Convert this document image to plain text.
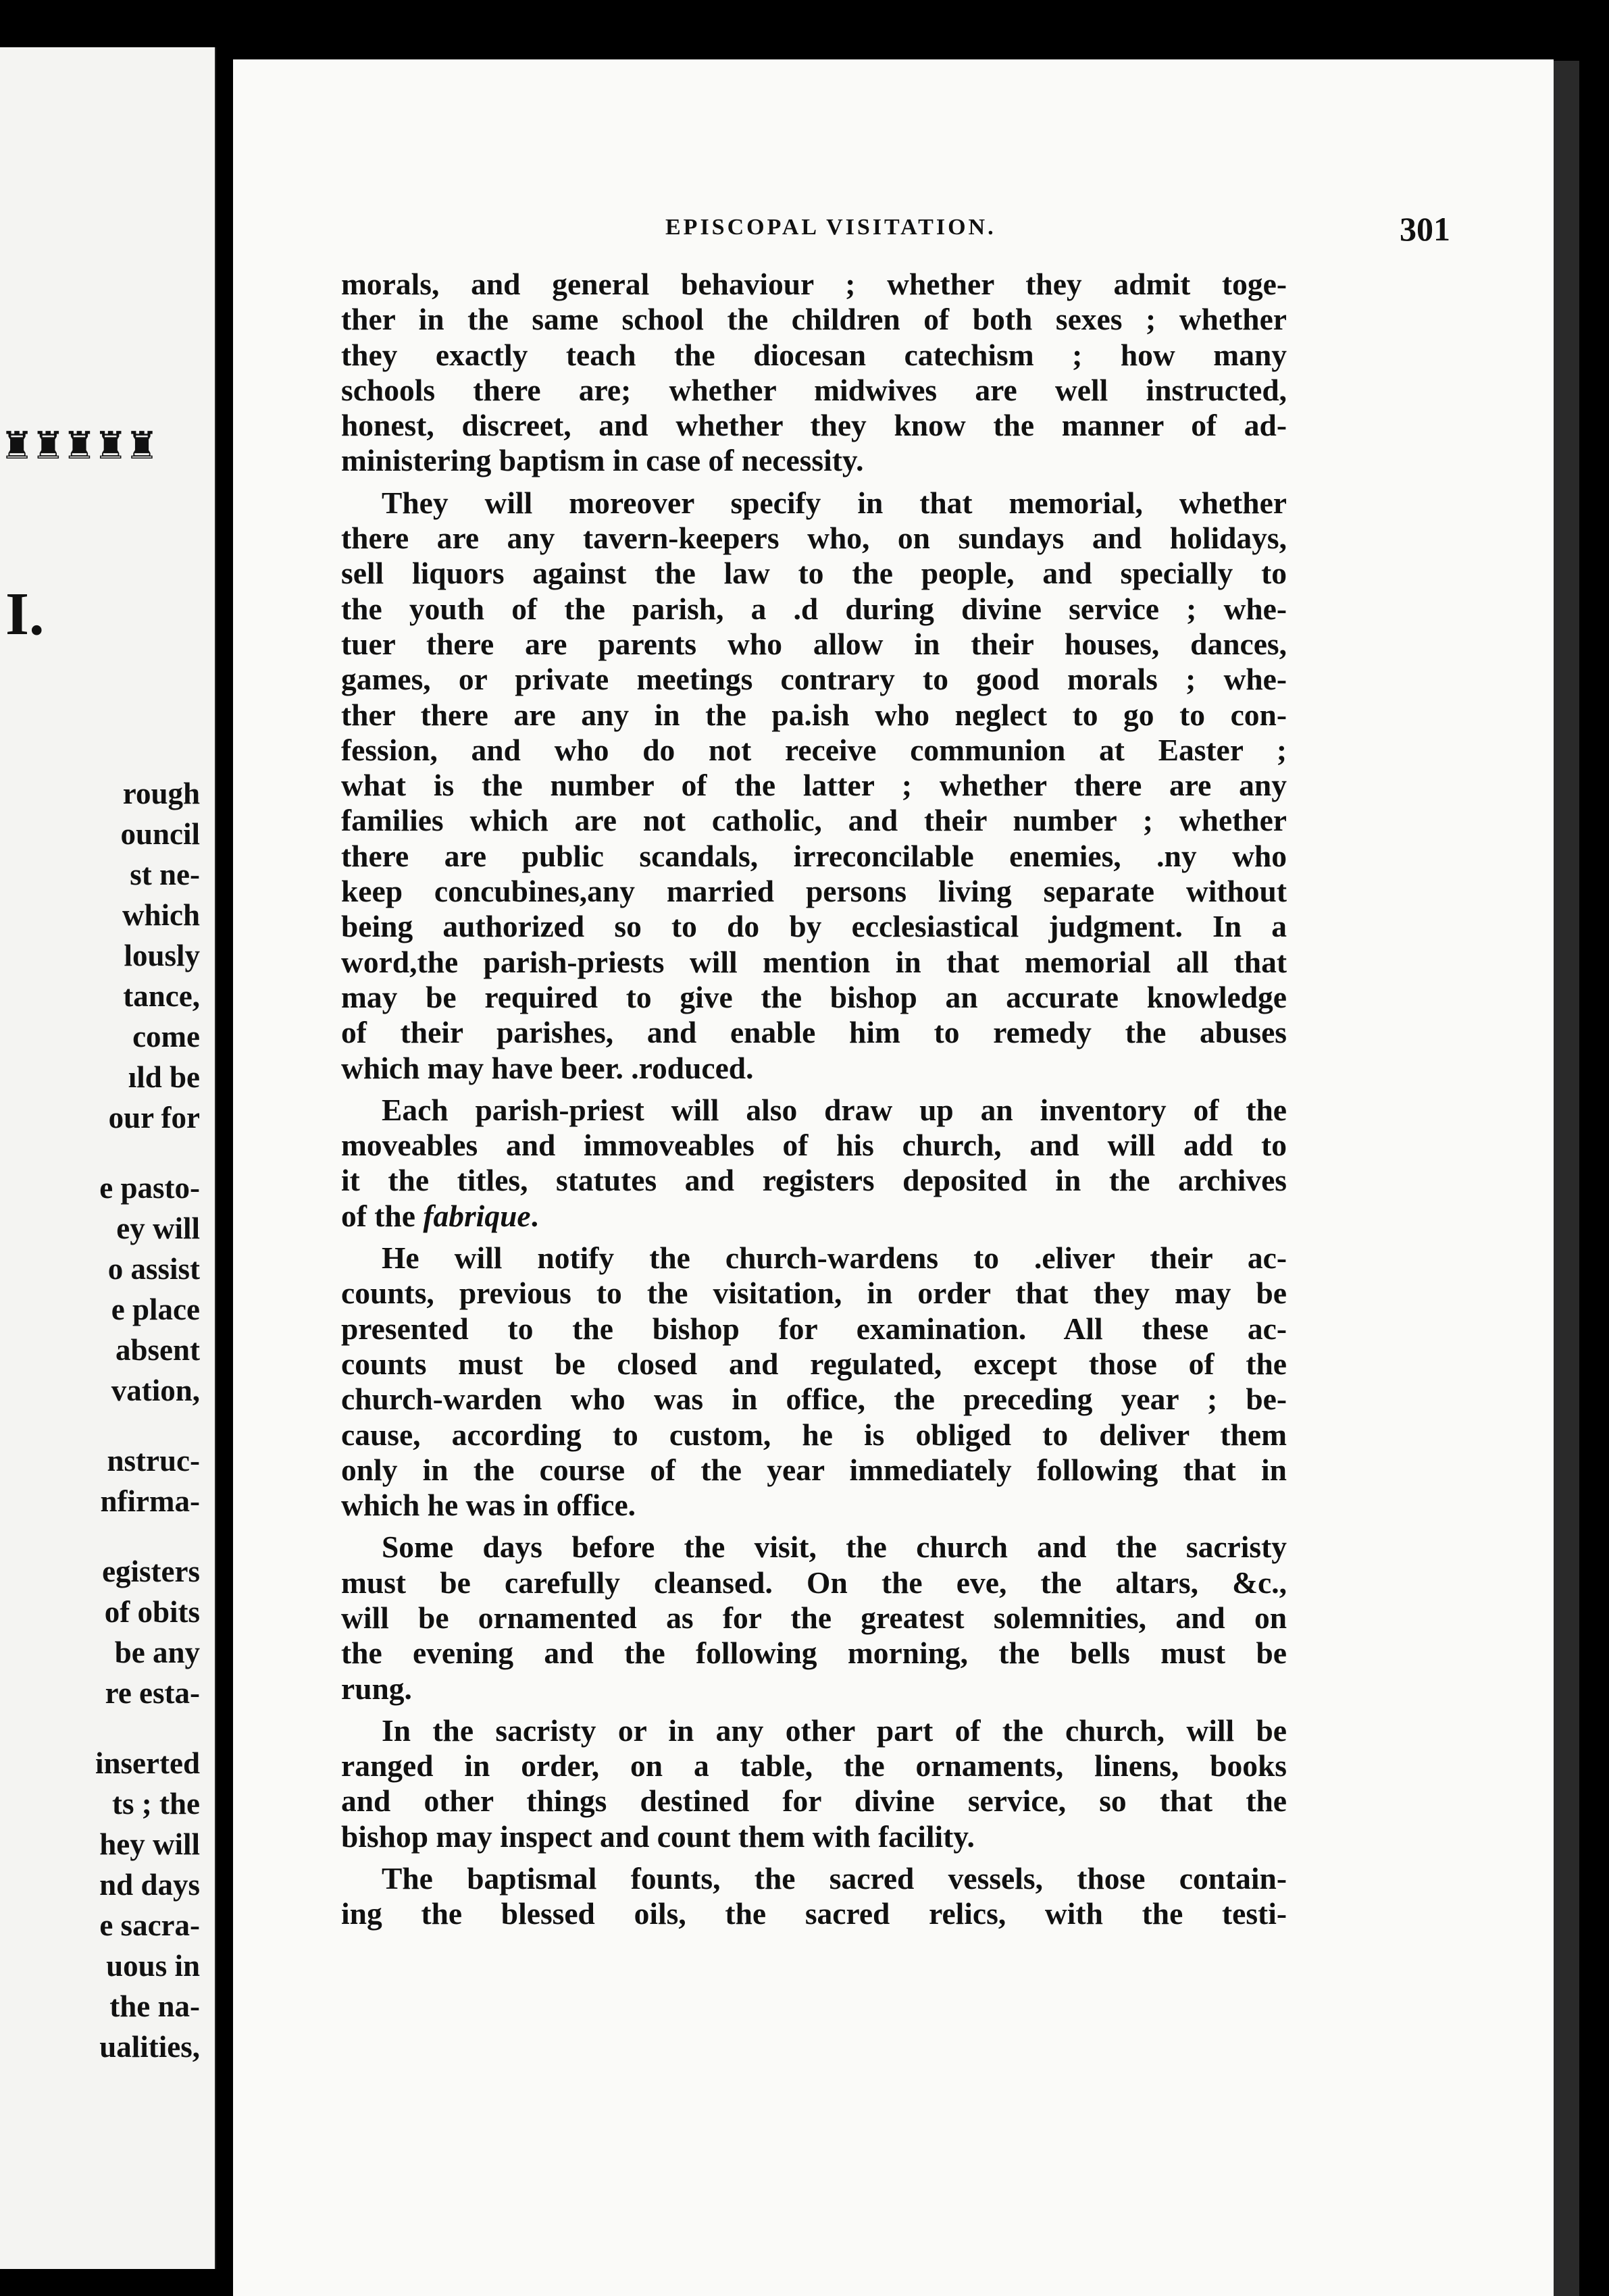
♜♜♜♜♜
I.
rough
ouncil
st ne-
which
lously
tance,
come
ıld be
our for
e pasto-
ey will
o assist
e place
absent
vation,
nstruc-
nfirma-
egisters
of obits
be any
re esta-
inserted
ts ; the
hey will
nd days
e sacra-
uous in
the na-
ualities,
EPISCOPAL VISITATION.	301

morals, and general behaviour ; whether they admit toge-
ther in the same school the children of both sexes ; whether
they exactly teach the diocesan catechism ; how many
schools there are; whether midwives are well instructed,
honest, discreet, and whether they know the manner of ad-
ministering baptism in case of necessity.

They will moreover specify in that memorial, whether
there are any tavern-keepers who, on sundays and holidays,
sell liquors against the law to the people, and specially to
the youth of the parish, a .d during divine service ; whe-
tuer there are parents who allow in their houses, dances,
games, or private meetings contrary to good morals ; whe-
ther there are any in the pa.ish who neglect to go to con-
fession, and who do not receive communion at Easter ;
what is the number of the latter ; whether there are any
families which are not catholic, and their number ; whether
there are public scandals, irreconcilable enemies, .ny who
keep concubines,any married persons living separate without
being authorized so to do by ecclesiastical judgment. In a
word,the parish-priests will mention in that memorial all that
may be required to give the bishop an accurate knowledge
of their parishes, and enable him to remedy the abuses
which may have beer. .roduced.

Each parish-priest will also draw up an inventory of the
moveables and immoveables of his church, and will add to
it the titles, statutes and registers deposited in the archives
of the fabrique.

He will notify the church-wardens to .eliver their ac-
counts, previous to the visitation, in order that they may be
presented to the bishop for examination. All these ac-
counts must be closed and regulated, except those of the
church-warden who was in office, the preceding year ; be-
cause, according to custom, he is obliged to deliver them
only in the course of the year immediately following that in
which he was in office.

Some days before the visit, the church and the sacristy
must be carefully cleansed. On the eve, the altars, &c.,
will be ornamented as for the greatest solemnities, and on
the evening and the following morning, the bells must be
rung.

In the sacristy or in any other part of the church, will be
ranged in order, on a table, the ornaments, linens, books
and other things destined for divine service, so that the
bishop may inspect and count them with facility.

The baptismal founts, the sacred vessels, those contain-
ing the blessed oils, the sacred relics, with the testi-
